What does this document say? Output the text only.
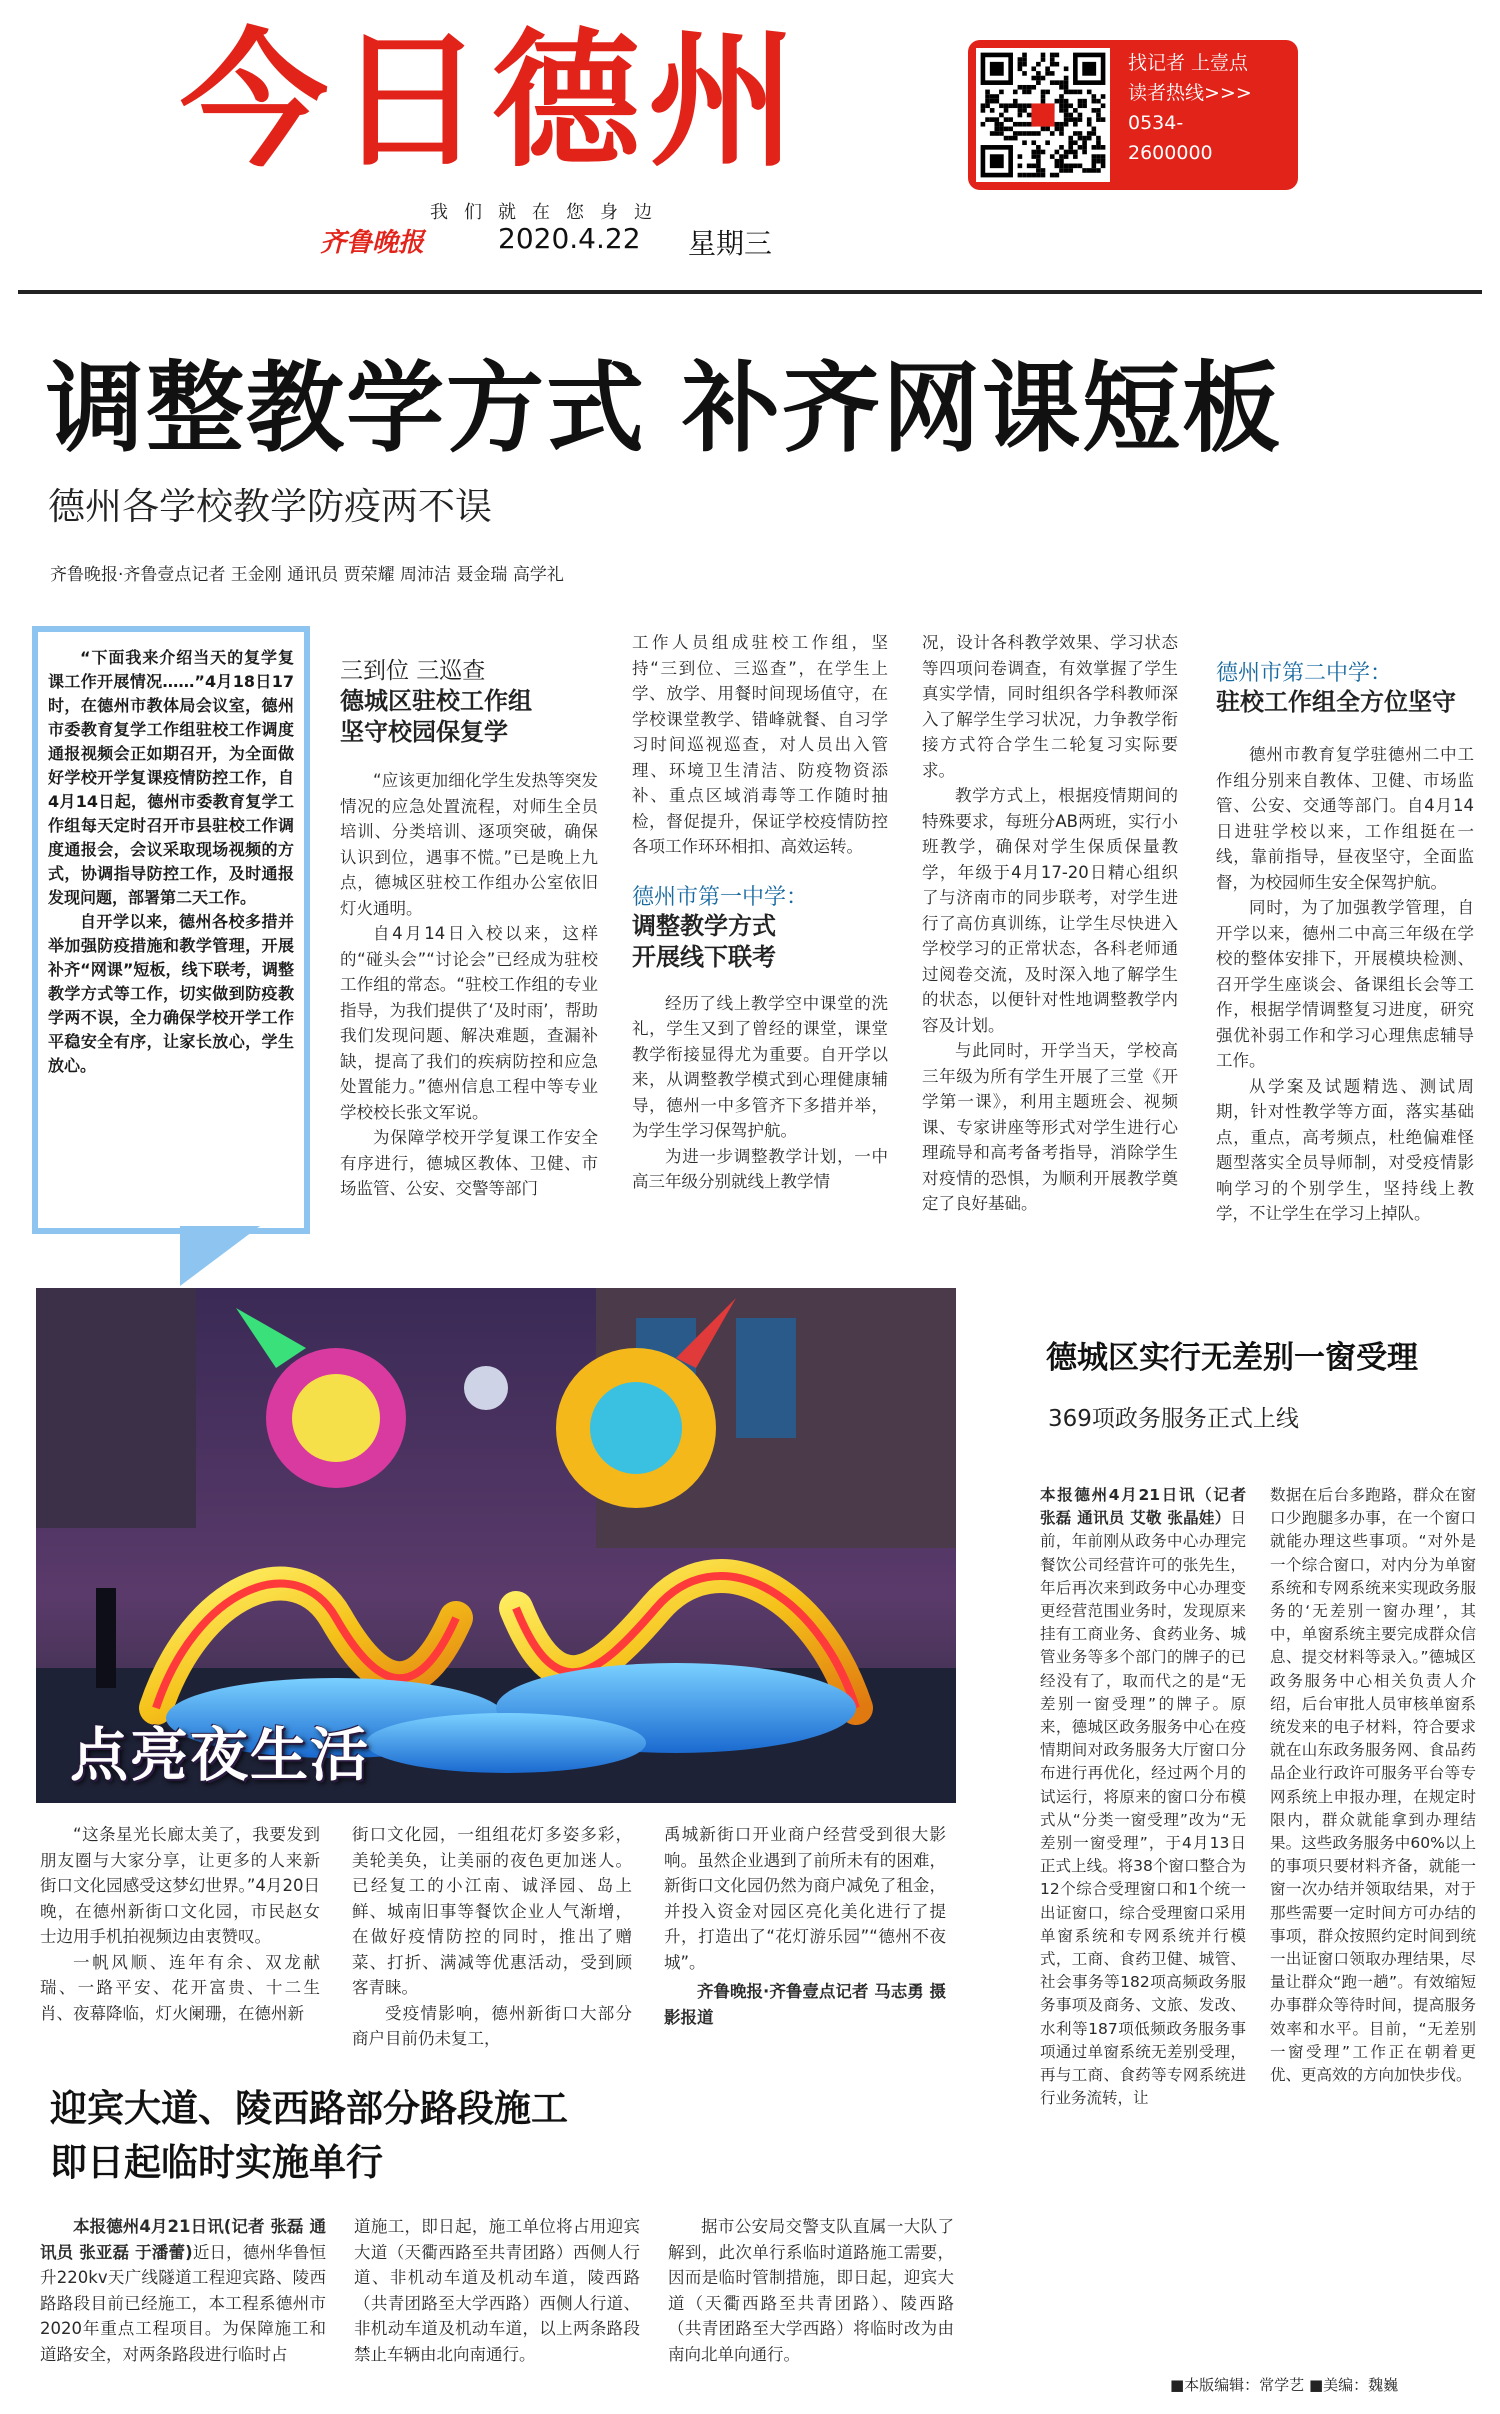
今日德州
我们就在您身边
齐鲁晚报	2020.4.22 星期三
找记者 上壹点
读者热线>>>
0534-
2600000
调整教学方式 补齐网课短板
德州各学校教学防疫两不误
齐鲁晚报·齐鲁壹点记者 王金刚 通讯员 贾荣耀 周沛洁 聂金瑞 高学礼

“下面我来介绍当天的复学复课工作开展情况……”4月18日17时，在德州市教体局会议室，德州市委教育复学工作组驻校工作调度通报视频会正如期召开，为全面做好学校开学复课疫情防控工作，自4月14日起，德州市委教育复学工作组每天定时召开市县驻校工作调度通报会，会议采取现场视频的方式，协调指导防控工作，及时通报发现问题，部署第二天工作。

自开学以来，德州各校多措并举加强防疫措施和教学管理，开展补齐“网课”短板，线下联考，调整教学方式等工作，切实做到防疫教学两不误，全力确保学校开学工作平稳安全有序，让家长放心，学生放心。

三到位 三巡查
德城区驻校工作组
坚守校园保复学

“应该更加细化学生发热等突发情况的应急处置流程，对师生全员培训、分类培训、逐项突破，确保认识到位，遇事不慌。”已是晚上九点，德城区驻校工作组办公室依旧灯火通明。

自4月14日入校以来，这样的“碰头会”“讨论会”已经成为驻校工作组的常态。“驻校工作组的专业指导，为我们提供了‘及时雨’，帮助我们发现问题、解决难题，查漏补缺，提高了我们的疾病防控和应急处置能力。”德州信息工程中等专业学校校长张文军说。

为保障学校开学复课工作安全有序进行，德城区教体、卫健、市场监管、公安、交警等部门

工作人员组成驻校工作组，坚持“三到位、三巡查”，在学生上学、放学、用餐时间现场值守，在学校课堂教学、错峰就餐、自习学习时间巡视巡查，对人员出入管理、环境卫生清洁、防疫物资添补、重点区域消毒等工作随时抽检，督促提升，保证学校疫情防控各项工作环环相扣、高效运转。

德州市第一中学：
调整教学方式
开展线下联考

经历了线上教学空中课堂的洗礼，学生又到了曾经的课堂，课堂教学衔接显得尤为重要。自开学以来，从调整教学模式到心理健康辅导，德州一中多管齐下多措并举，为学生学习保驾护航。

为进一步调整教学计划，一中高三年级分别就线上教学情

况，设计各科教学效果、学习状态等四项问卷调查，有效掌握了学生真实学情，同时组织各学科教师深入了解学生学习状况，力争教学衔接方式符合学生二轮复习实际要求。

教学方式上，根据疫情期间的特殊要求，每班分AB两班，实行小班教学，确保对学生保质保量教学，年级于4月17-20日精心组织了与济南市的同步联考，对学生进行了高仿真训练，让学生尽快进入学校学习的正常状态，各科老师通过阅卷交流，及时深入地了解学生的状态，以便针对性地调整教学内容及计划。

与此同时，开学当天，学校高三年级为所有学生开展了三堂《开学第一课》，利用主题班会、视频课、专家讲座等形式对学生进行心理疏导和高考备考指导，消除学生对疫情的恐惧，为顺利开展教学奠定了良好基础。

德州市第二中学：
驻校工作组全方位坚守

德州市教育复学驻德州二中工作组分别来自教体、卫健、市场监管、公安、交通等部门。自4月14日进驻学校以来，工作组挺在一线，靠前指导，昼夜坚守，全面监督，为校园师生安全保驾护航。

同时，为了加强教学管理，自开学以来，德州二中高三年级在学校的整体安排下，开展模块检测、召开学生座谈会、备课组长会等工作，根据学情调整复习进度，研究强优补弱工作和学习心理焦虑辅导工作。

从学案及试题精选、测试周期，针对性教学等方面，落实基础点，重点，高考频点，杜绝偏难怪题型落实全员导师制，对受疫情影响学习的个别学生，坚持线上教学，不让学生在学习上掉队。

点亮夜生活

“这条星光长廊太美了，我要发到朋友圈与大家分享，让更多的人来新街口文化园感受这梦幻世界。”4月20日晚，在德州新街口文化园，市民赵女士边用手机拍视频边由衷赞叹。

一帆风顺、连年有余、双龙献瑞、一路平安、花开富贵、十二生肖、夜幕降临，灯火阑珊，在德州新

街口文化园，一组组花灯多姿多彩，美轮美奂，让美丽的夜色更加迷人。已经复工的小江南、诚泽园、岛上鲜、城南旧事等餐饮企业人气渐增，在做好疫情防控的同时，推出了赠菜、打折、满减等优惠活动，受到顾客青睐。

受疫情影响，德州新街口大部分商户目前仍未复工，

禹城新街口开业商户经营受到很大影响。虽然企业遇到了前所未有的困难，新街口文化园仍然为商户减免了租金，并投入资金对园区亮化美化进行了提升，打造出了“花灯游乐园”“德州不夜城”。

齐鲁晚报·齐鲁壹点记者 马志勇 摄影报道
德城区实行无差别一窗受理
369项政务服务正式上线
本报德州4月21日讯（记者 张磊 通讯员 艾敬 张晶娃）日前，年前刚从政务中心办理完餐饮公司经营许可的张先生，年后再次来到政务中心办理变更经营范围业务时，发现原来挂有工商业务、食药业务、城管业务等多个部门的牌子的已经没有了，取而代之的是“无差别一窗受理”的牌子。原来，德城区政务服务中心在疫情期间对政务服务大厅窗口分布进行再优化，经过两个月的试运行，将原来的窗口分布模式从“分类一窗受理”改为“无差别一窗受理”，于4月13日正式上线。将38个窗口整合为12个综合受理窗口和1个统一出证窗口，综合受理窗口采用单窗系统和专网系统并行模式，工商、食药卫健、城管、社会事务等182项高频政务服务事项及商务、文旅、发改、水利等187项低频政务服务事项通过单窗系统无差别受理，再与工商、食药等专网系统进行业务流转，让
数据在后台多跑路，群众在窗口少跑腿多办事，在一个窗口就能办理这些事项。“对外是一个综合窗口，对内分为单窗系统和专网系统来实现政务服务的‘无差别一窗办理’，其中，单窗系统主要完成群众信息、提交材料等录入。”德城区政务服务中心相关负责人介绍，后台审批人员审核单窗系统发来的电子材料，符合要求就在山东政务服务网、食品药品企业行政许可服务平台等专网系统上申报办理，在规定时限内，群众就能拿到办理结果。这些政务服务中60%以上的事项只要材料齐备，就能一窗一次办结并领取结果，对于那些需要一定时间方可办结的事项，群众按照约定时间到统一出证窗口领取办理结果，尽量让群众“跑一趟”。有效缩短办事群众等待时间，提高服务效率和水平。目前，“无差别一窗受理”工作正在朝着更优、更高效的方向加快步伐。
迎宾大道、陵西路部分路段施工
即日起临时实施单行
本报德州4月21日讯(记者 张磊 通讯员 张亚磊 于潘蕾)近日，德州华鲁恒升220kv天广线隧道工程迎宾路、陵西路路段目前已经施工，本工程系德州市2020年重点工程项目。为保障施工和道路安全，对两条路段进行临时占
道施工，即日起，施工单位将占用迎宾大道（天衢西路至共青团路）西侧人行道、非机动车道及机动车道，陵西路（共青团路至大学西路）西侧人行道、非机动车道及机动车道，以上两条路段禁止车辆由北向南通行。
据市公安局交警支队直属一大队了解到，此次单行系临时道路施工需要，因而是临时管制措施，即日起，迎宾大道（天衢西路至共青团路）、陵西路（共青团路至大学西路）将临时改为由南向北单向通行。
■本版编辑：常学艺 ■美编：魏巍
